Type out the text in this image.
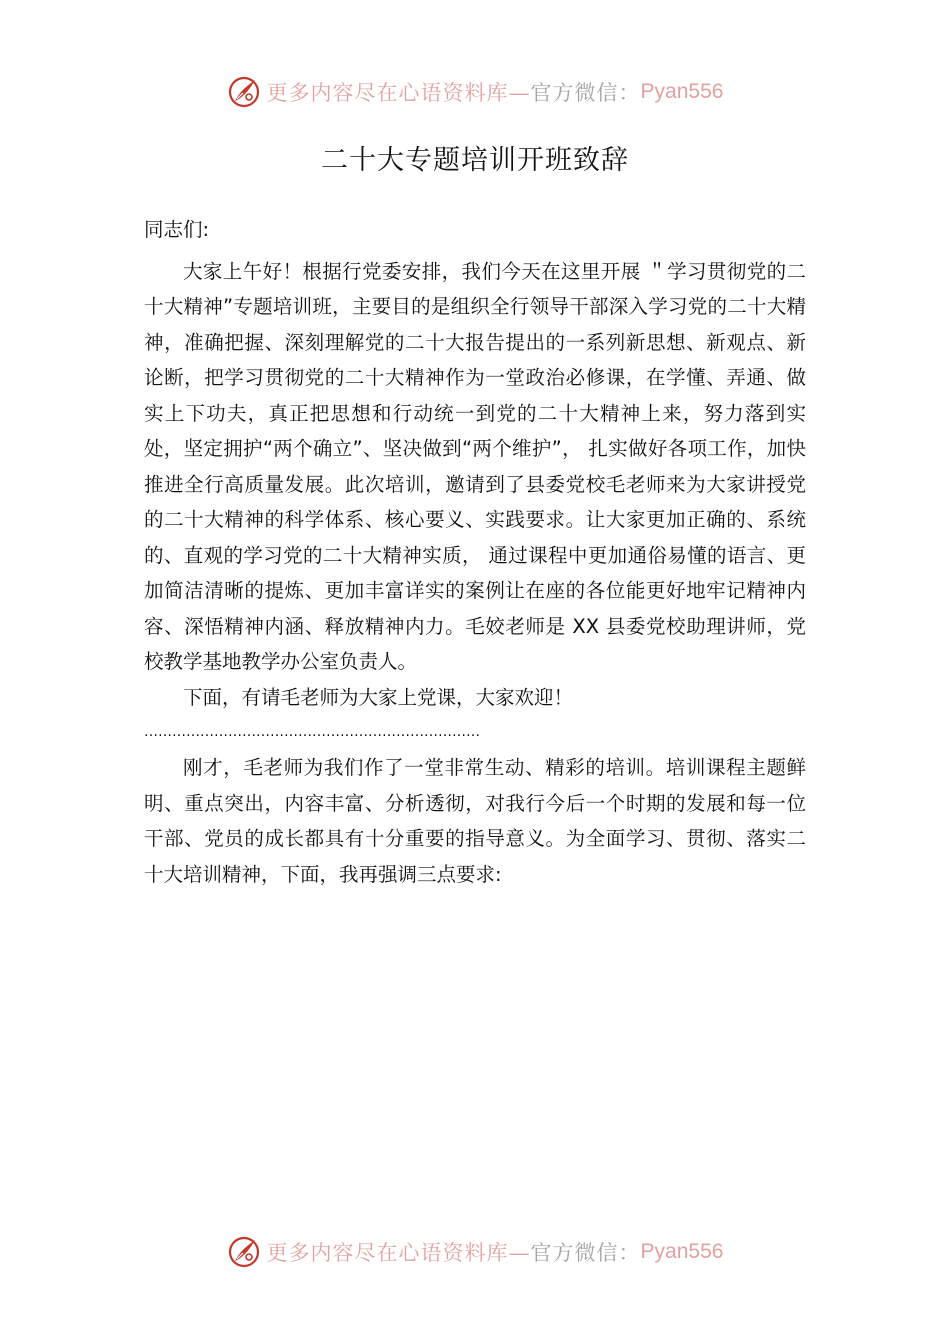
更多内容尽在心语资料库— 官方微信： Pyan556
二十大专题培训开班致辞

同志们:

大家上午好！根据行党委安排，我们今天在这里开展 ＂学习贯彻党的二十大精神”专题培训班，主要目的是组织全行领导干部深入学习党的二十大精神，准确把握、深刻理解党的二十大报告提出的一系列新思想、新观点、新论断，把学习贯彻党的二十大精神作为一堂政治必修课，在学懂、弄通、做实上下功夫，真正把思想和行动统一到党的二十大精神上来，努力落到实处，坚定拥护“两个确立”、坚决做到“两个维护”， 扎实做好各项工作，加快推进全行高质量发展。此次培训，邀请到了县委党校毛老师来为大家讲授党的二十大精神的科学体系、核心要义、实践要求。让大家更加正确的、系统的、直观的学习党的二十大精神实质， 通过课程中更加通俗易懂的语言、更加简洁清晰的提炼、更加丰富详实的案例让在座的各位能更好地牢记精神内容、深悟精神内涵、释放精神内力。毛姣老师是 XX 县委党校助理讲师，党校教学基地教学办公室负责人。

下面，有请毛老师为大家上党课，大家欢迎！

………………………………………………………………

刚才，毛老师为我们作了一堂非常生动、精彩的培训。培训课程主题鲜明、重点突出，内容丰富、分析透彻，对我行今后一个时期的发展和每一位干部、党员的成长都具有十分重要的指导意义。为全面学习、贯彻、落实二十大培训精神，下面，我再强调三点要求:

更多内容尽在心语资料库— 官方微信： Pyan556
